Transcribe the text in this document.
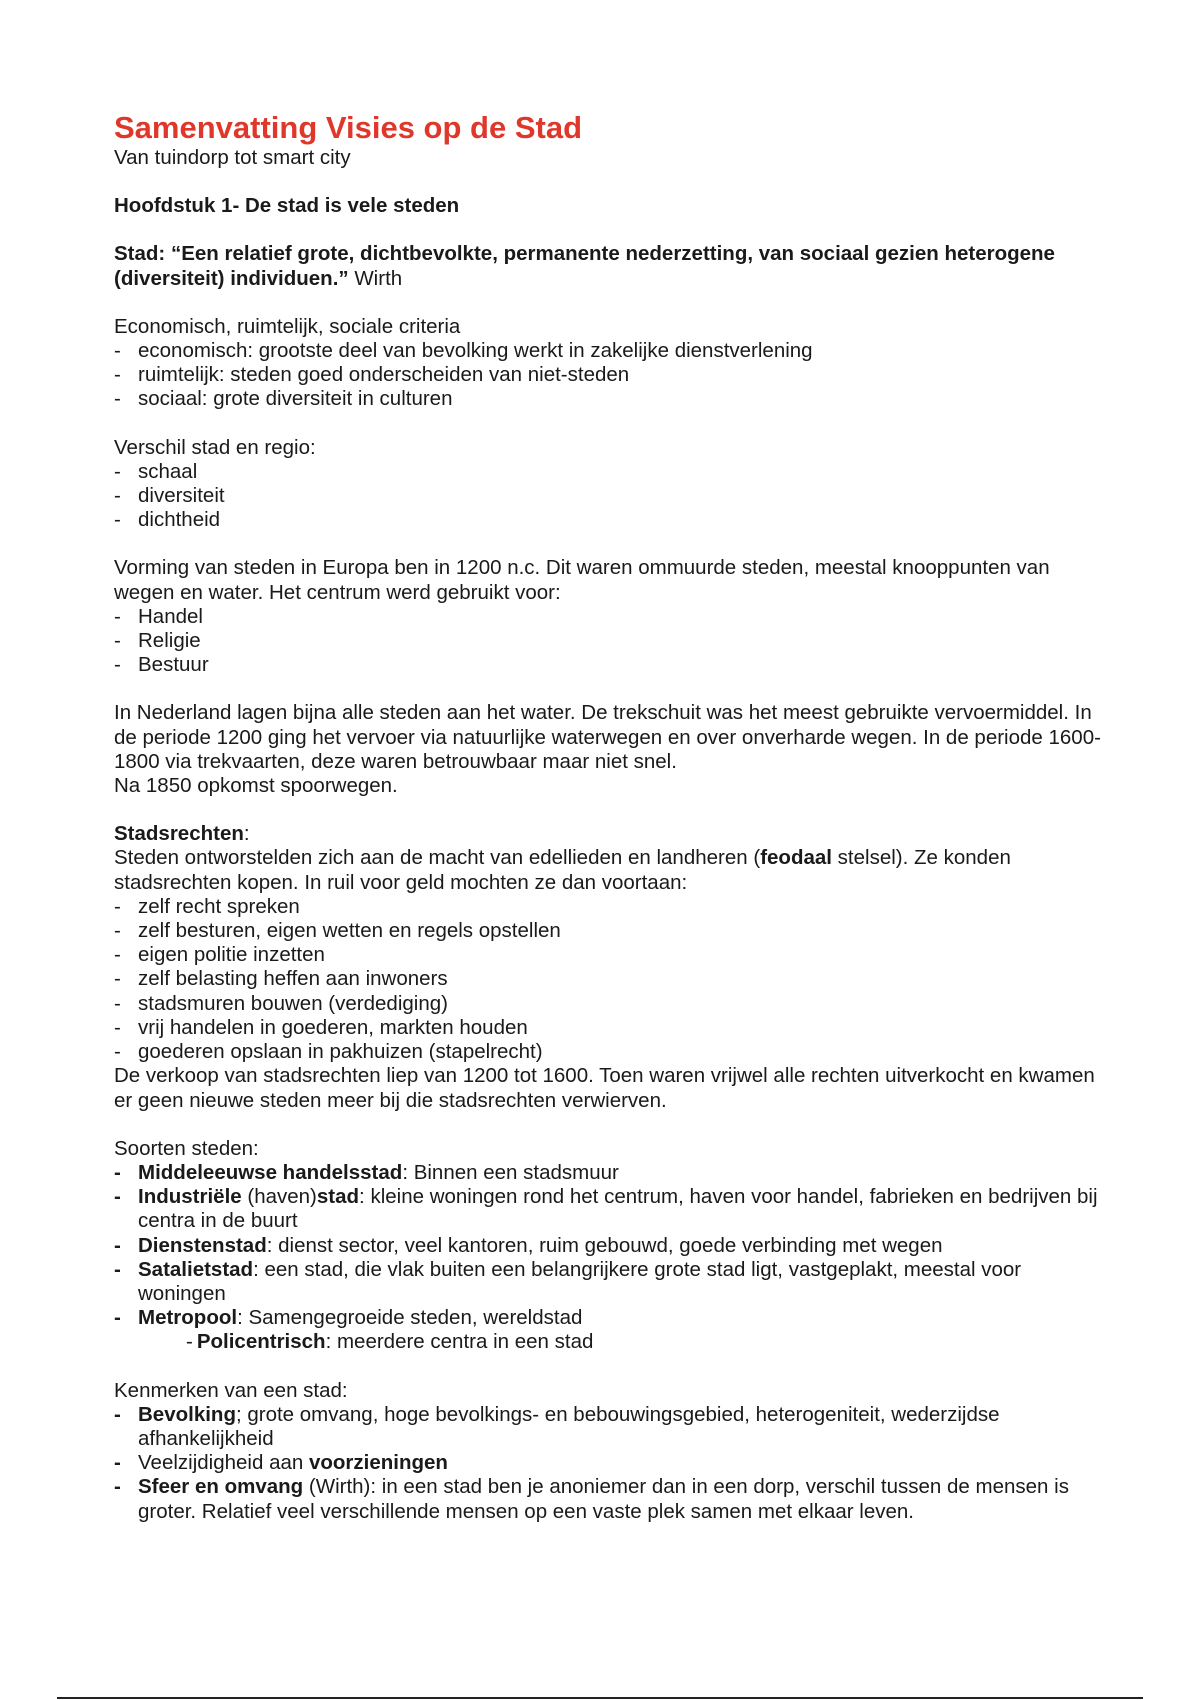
Samenvatting Visies op de Stad

Van tuindorp tot smart city

Hoofdstuk 1- De stad is vele steden

Stad: “Een relatief grote, dichtbevolkte, permanente nederzetting, van sociaal gezien heterogene (diversiteit) individuen.” Wirth

Economisch, ruimtelijk, sociale criteria

- economisch: grootste deel van bevolking werkt in zakelijke dienstverlening
- ruimtelijk: steden goed onderscheiden van niet-steden
- sociaal: grote diversiteit in culturen

Verschil stad en regio:

- schaal
- diversiteit
- dichtheid

Vorming van steden in Europa ben in 1200 n.c. Dit waren ommuurde steden, meestal knooppunten van wegen en water. Het centrum werd gebruikt voor:

- Handel
- Religie
- Bestuur

In Nederland lagen bijna alle steden aan het water. De trekschuit was het meest gebruikte vervoermiddel. In de periode 1200 ging het vervoer via natuurlijke waterwegen en over onverharde wegen. In de periode 1600-1800 via trekvaarten, deze waren betrouwbaar maar niet snel.

Na 1850 opkomst spoorwegen.

Stadsrechten:

Steden ontworstelden zich aan de macht van edellieden en landheren (feodaal stelsel). Ze konden stadsrechten kopen. In ruil voor geld mochten ze dan voortaan:

- zelf recht spreken
- zelf besturen, eigen wetten en regels opstellen
- eigen politie inzetten
- zelf belasting heffen aan inwoners
- stadsmuren bouwen (verdediging)
- vrij handelen in goederen, markten houden
- goederen opslaan in pakhuizen (stapelrecht)

De verkoop van stadsrechten liep van 1200 tot 1600. Toen waren vrijwel alle rechten uitverkocht en kwamen er geen nieuwe steden meer bij die stadsrechten verwierven.

Soorten steden:

- Middeleeuwse handelsstad: Binnen een stadsmuur
- Industriële (haven)stad: kleine woningen rond het centrum, haven voor handel, fabrieken en bedrijven bij centra in de buurt
- Dienstenstad: dienst sector, veel kantoren, ruim gebouwd, goede verbinding met wegen
- Satalietstad: een stad, die vlak buiten een belangrijkere grote stad ligt, vastgeplakt, meestal voor woningen
- Metropool: Samengegroeide steden, wereldstad

- Policentrisch: meerdere centra in een stad

Kenmerken van een stad:

- Bevolking; grote omvang, hoge bevolkings- en bebouwingsgebied, heterogeniteit, wederzijdse afhankelijkheid
- Veelzijdigheid aan voorzieningen
- Sfeer en omvang (Wirth): in een stad ben je anoniemer dan in een dorp, verschil tussen de mensen is groter. Relatief veel verschillende mensen op een vaste plek samen met elkaar leven.
